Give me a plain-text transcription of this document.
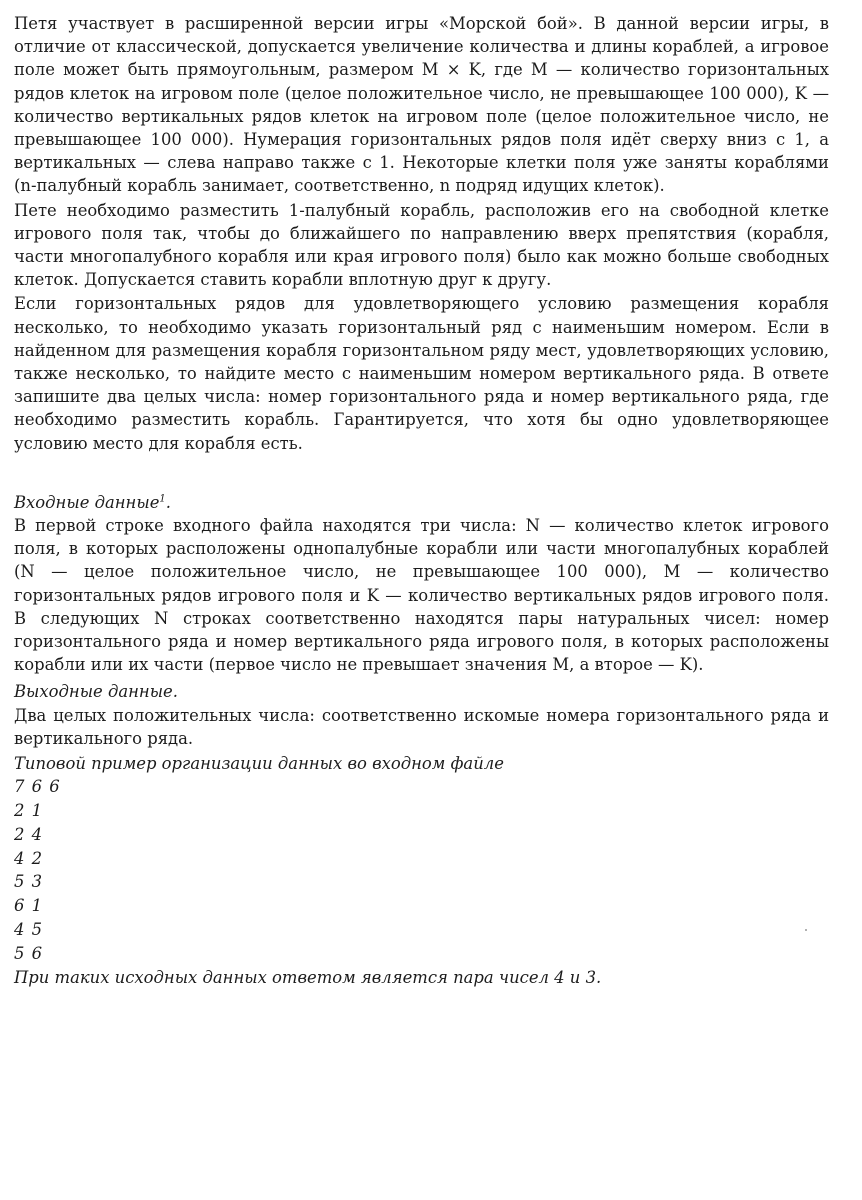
Петя участвует в расширенной версии игры «Морской бой». В данной версии игры, в отличие от классической, допускается увеличение количества и длины кораблей, а игровое поле может быть прямоугольным, размером M × K, где M — количество горизонтальных рядов клеток на игровом поле (целое положительное число, не превышающее 100 000), K — количество вертикальных рядов клеток на игровом поле (целое положительное число, не превышающее 100 000). Нумерация горизонтальных рядов поля идёт сверху вниз с 1, а вертикальных — слева направо также с 1. Некоторые клетки поля уже заняты кораблями (n-палубный корабль занимает, соответственно, n подряд идущих клеток).

Пете необходимо разместить 1-палубный корабль, расположив его на свободной клетке игрового поля так, чтобы до ближайшего по направлению вверх препятствия (корабля, части многопалубного корабля или края игрового поля) было как можно больше свободных клеток. Допускается ставить корабли вплотную друг к другу.

Если горизонтальных рядов для удовлетворяющего условию размещения корабля несколько, то необходимо указать горизонтальный ряд с наименьшим номером. Если в найденном для размещения корабля горизонтальном ряду мест, удовлетворяющих условию, также несколько, то найдите место с наименьшим номером вертикального ряда. В ответе запишите два целых числа: номер горизонтального ряда и номер вертикального ряда, где необходимо разместить корабль. Гарантируется, что хотя бы одно удовлетворяющее условию место для корабля есть.

Входные данные$^1$.

В первой строке входного файла находятся три числа: N — количество клеток игрового поля, в которых расположены однопалубные корабли или части многопалубных кораблей (N — целое положительное число, не превышающее 100 000), M — количество горизонтальных рядов игрового поля и K — количество вертикальных рядов игрового поля. В следующих N строках соответственно находятся пары натуральных чисел: номер горизонтального ряда и номер вертикального ряда игрового поля, в которых расположены корабли или их части (первое число не превышает значения M, а второе — K).

Выходные данные.

Два целых положительных числа: соответственно искомые номера горизонтального ряда и вертикального ряда.

Типовой пример организации данных во входном файле

7 6 6

2 1

2 4

4 2

5 3

6 1

4 5

5 6

При таких исходных данных ответом является пара чисел 4 и 3.
